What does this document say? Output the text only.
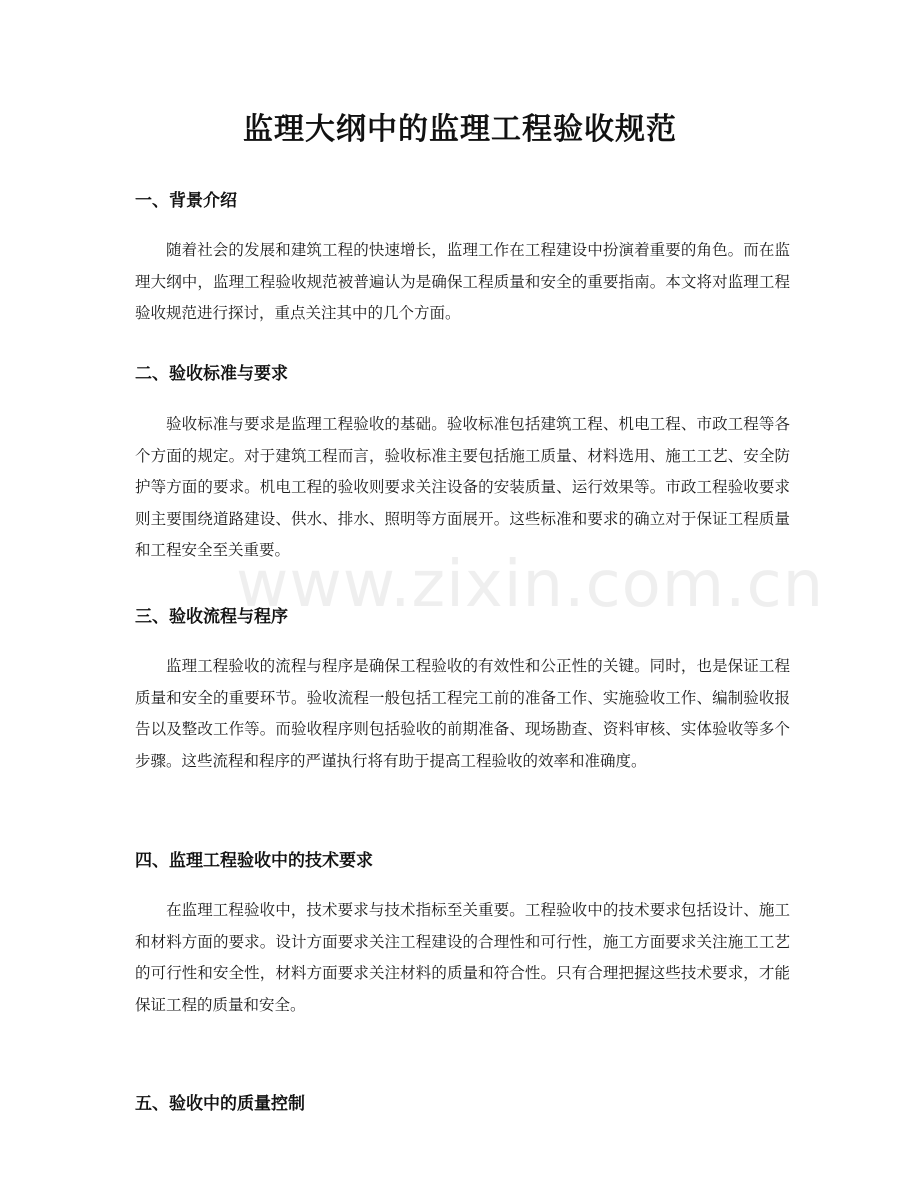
www.zixin.com.cn
监理大纲中的监理工程验收规范
一、背景介绍

随着社会的发展和建筑工程的快速增长，监理工作在工程建设中扮演着重要的角色。而在监理大纲中，监理工程验收规范被普遍认为是确保工程质量和安全的重要指南。本文将对监理工程验收规范进行探讨，重点关注其中的几个方面。

二、验收标准与要求

验收标准与要求是监理工程验收的基础。验收标准包括建筑工程、机电工程、市政工程等各个方面的规定。对于建筑工程而言，验收标准主要包括施工质量、材料选用、施工工艺、安全防护等方面的要求。机电工程的验收则要求关注设备的安装质量、运行效果等。市政工程验收要求则主要围绕道路建设、供水、排水、照明等方面展开。这些标准和要求的确立对于保证工程质量和工程安全至关重要。

三、验收流程与程序

监理工程验收的流程与程序是确保工程验收的有效性和公正性的关键。同时，也是保证工程质量和安全的重要环节。验收流程一般包括工程完工前的准备工作、实施验收工作、编制验收报告以及整改工作等。而验收程序则包括验收的前期准备、现场勘查、资料审核、实体验收等多个步骤。这些流程和程序的严谨执行将有助于提高工程验收的效率和准确度。

四、监理工程验收中的技术要求

在监理工程验收中，技术要求与技术指标至关重要。工程验收中的技术要求包括设计、施工和材料方面的要求。设计方面要求关注工程建设的合理性和可行性，施工方面要求关注施工工艺的可行性和安全性，材料方面要求关注材料的质量和符合性。只有合理把握这些技术要求，才能保证工程的质量和安全。

五、验收中的质量控制
